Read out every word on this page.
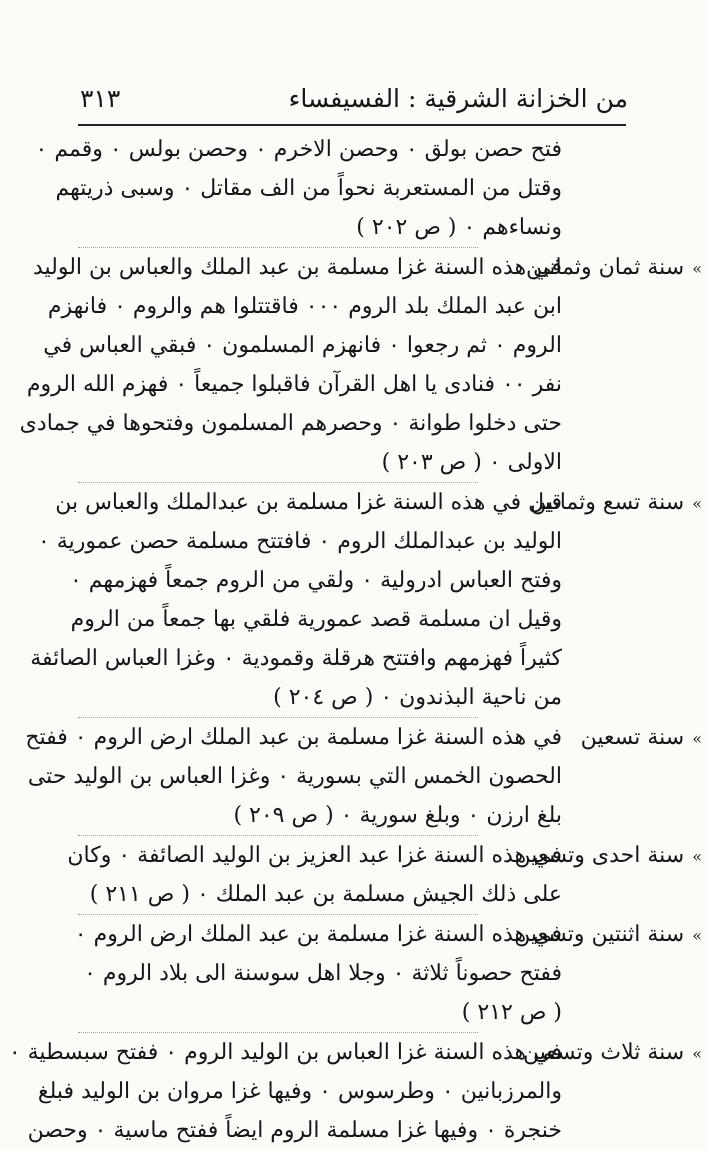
من الخزانة الشرقية : الفسيفساء
٣١٣
فتح حصن بولق ٠ وحصن الاخرم ٠ وحصن بولس ٠ وقمم ٠
وقتل من المستعربة نحواً من الف مقاتل ٠ وسبى ذريتهم
ونساءهم ٠ ( ص ٢٠٢ )
»سنة ثمان وثمانين
في هذه السنة غزا مسلمة بن عبد الملك والعباس بن الوليد
ابن عبد الملك بلد الروم ٠٠٠ فاقتتلوا هم والروم ٠ فانهزم
الروم ٠ ثم رجعوا ٠ فانهزم المسلمون ٠ فبقي العباس في
نفر ٠٠ فنادى يا اهل القرآن فاقبلوا جميعاً ٠ فهزم الله الروم
حتى دخلوا طوانة ٠ وحصرهم المسلمون وفتحوها في جمادى
الاولى ٠ ( ص ٢٠٣ )
»سنة تسع وثمانين
قيل في هذه السنة غزا مسلمة بن عبدالملك والعباس بن
الوليد بن عبدالملك الروم ٠ فافتتح مسلمة حصن عمورية ٠
وفتح العباس ادرولية ٠ ولقي من الروم جمعاً فهزمهم ٠
وقيل ان مسلمة قصد عمورية فلقي بها جمعاً من الروم
كثيراً فهزمهم وافتتح هرقلة وقمودية ٠ وغزا العباس الصائفة
من ناحية البذندون ٠ ( ص ٢٠٤ )
»سنة تسعين
في هذه السنة غزا مسلمة بن عبد الملك ارض الروم ٠ ففتح
الحصون الخمس التي بسورية ٠ وغزا العباس بن الوليد حتى
بلغ ارزن ٠ وبلغ سورية ٠ ( ص ٢٠٩ )
»سنة احدى وتسعين
في هذه السنة غزا عبد العزيز بن الوليد الصائفة ٠ وكان
على ذلك الجيش مسلمة بن عبد الملك ٠ ( ص ٢١١ )
»سنة اثنتين وتسعين
في هذه السنة غزا مسلمة بن عبد الملك ارض الروم ٠
ففتح حصوناً ثلاثة ٠ وجلا اهل سوسنة الى بلاد الروم ٠
( ص ٢١٢ )
»سنة ثلاث وتسعين
في هذه السنة غزا العباس بن الوليد الروم ٠ ففتح سبسطية ٠
والمرزبانين ٠ وطرسوس ٠ وفيها غزا مروان بن الوليد فبلغ
خنجرة ٠ وفيها غزا مسلمة الروم ايضاً ففتح ماسية ٠ وحصن
